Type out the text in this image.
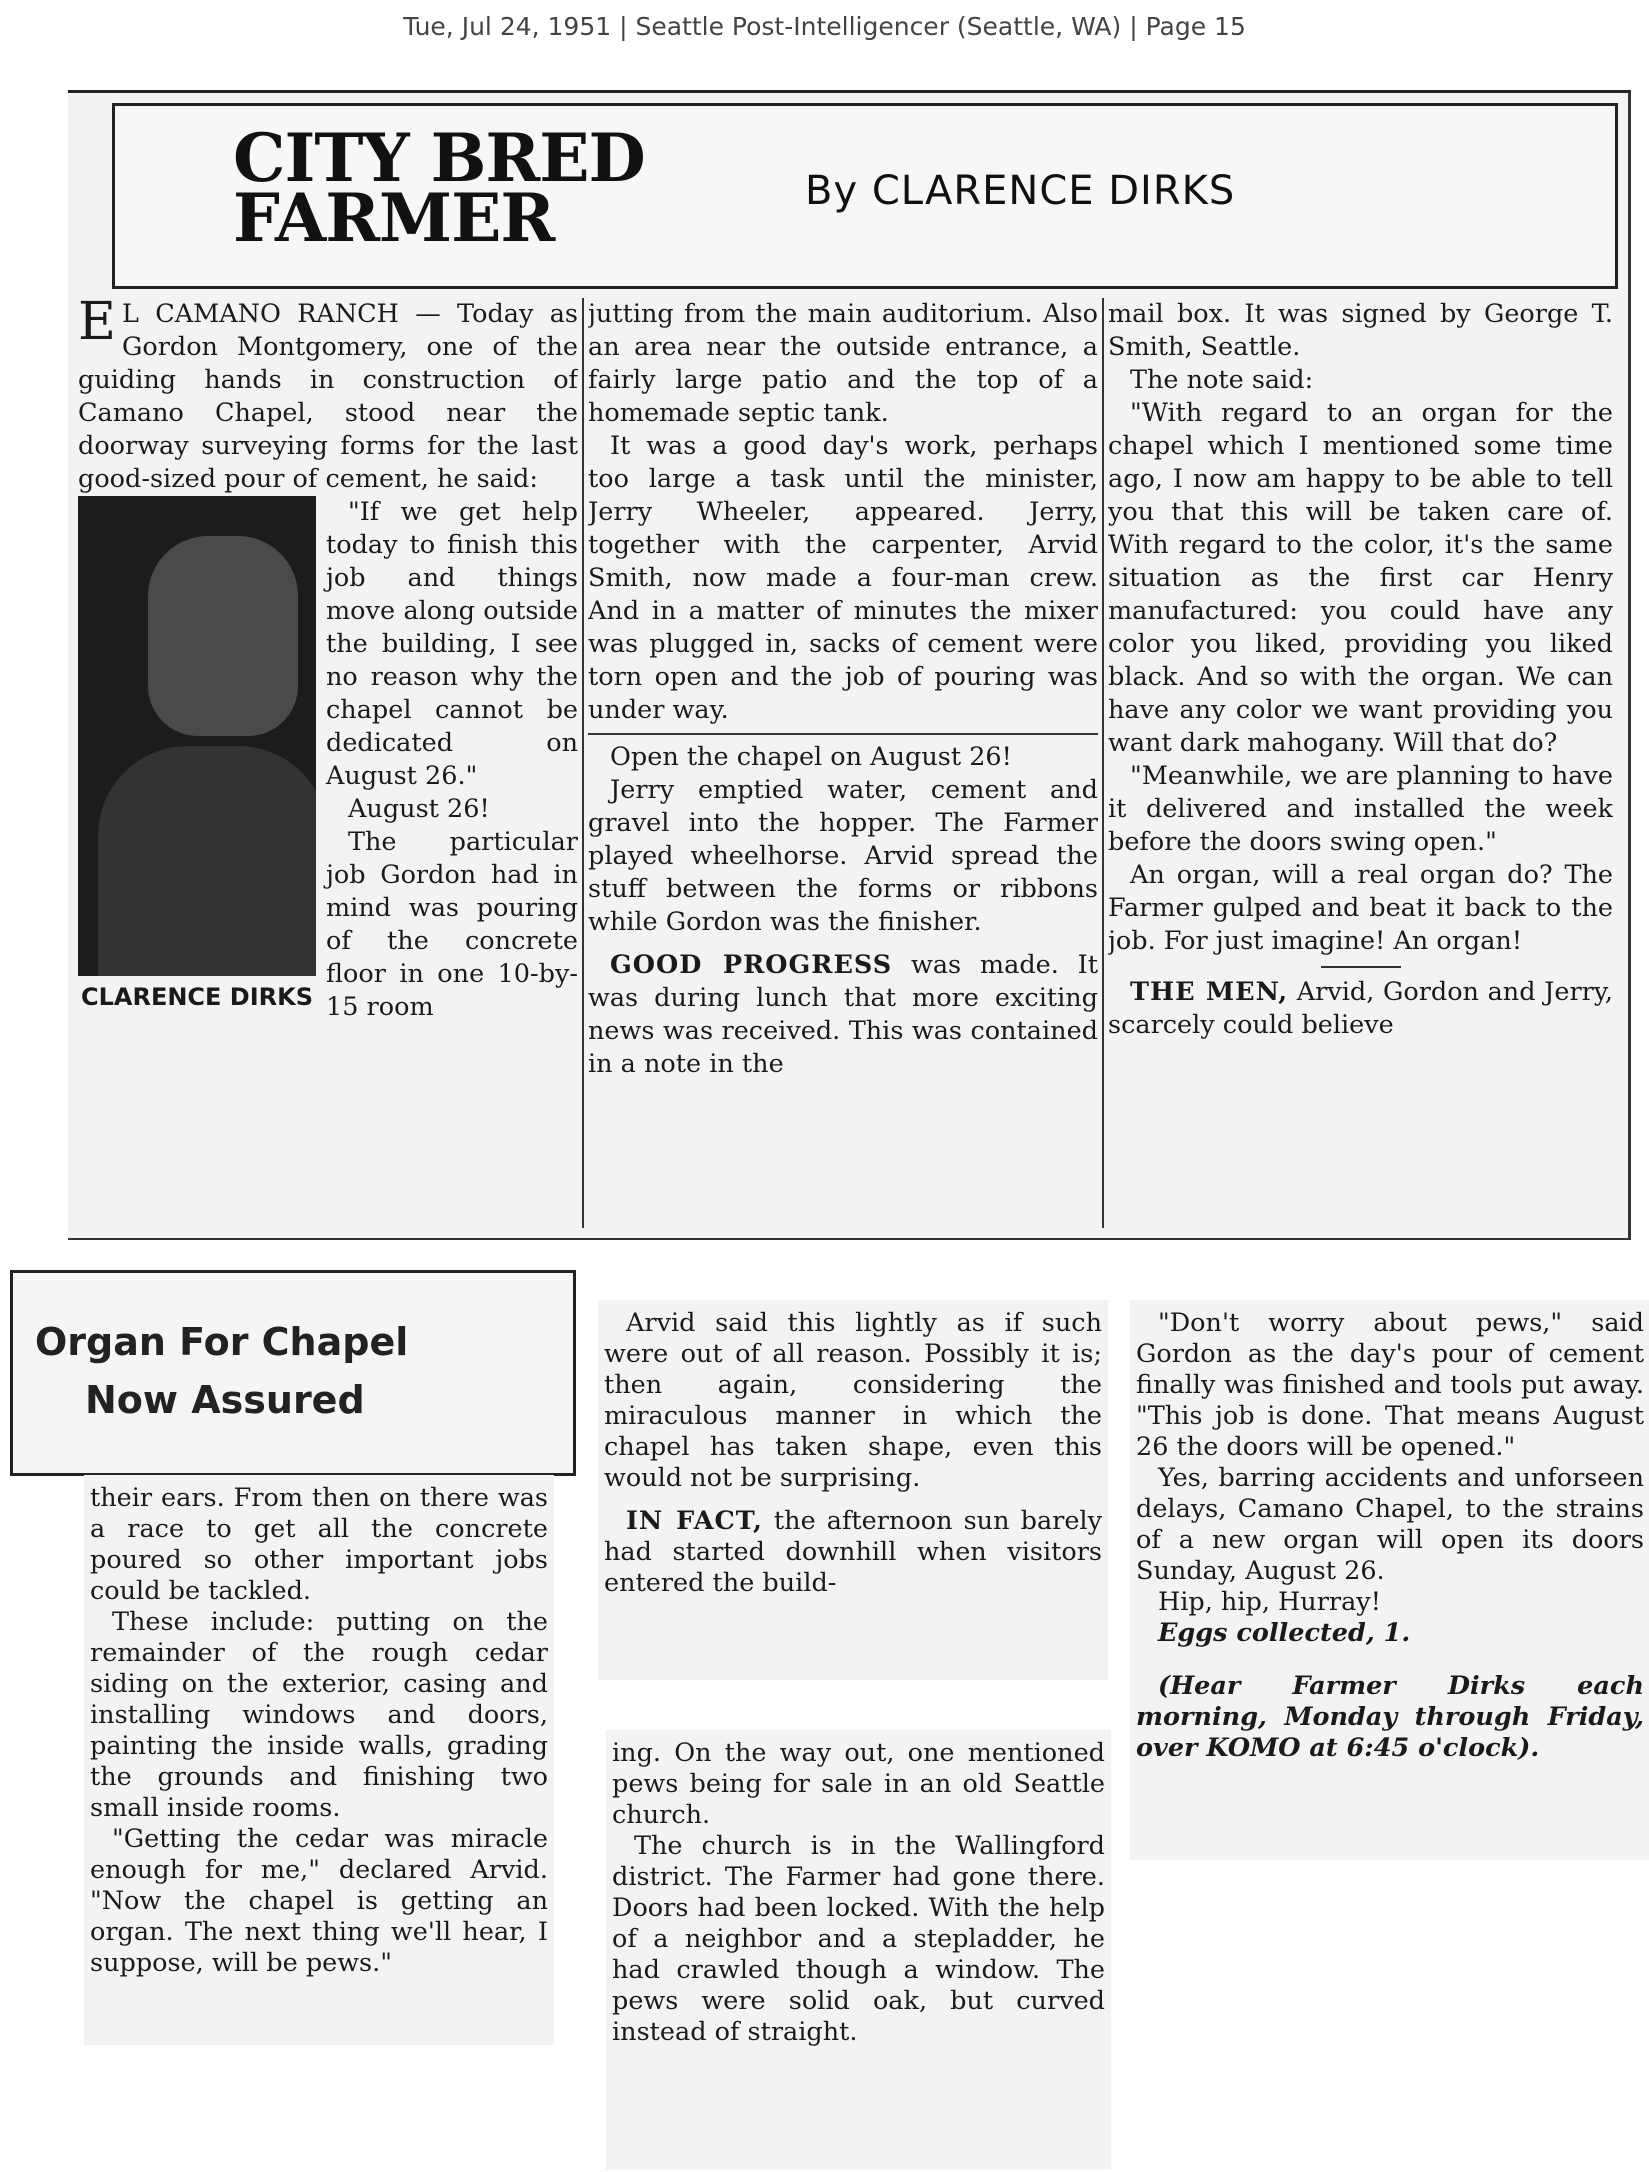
Tue, Jul 24, 1951 | Seattle Post-Intelligencer (Seattle, WA) | Page 15
CITY BRED
FARMER	By CLARENCE DIRKS
E L CAMANO RANCH — Today as Gordon Montgomery, one of the guiding hands in construction of Camano Chapel, stood near the doorway surveying forms for the last good-sized pour of cement, he said:

CLARENCE DIRKS

"If we get help today to finish this job and things move along outside the building, I see no reason why the chapel cannot be dedicated on August 26."

August 26!

The particular job Gordon had in mind was pouring of the concrete floor in one 10-by-15 room

jutting from the main auditorium. Also an area near the outside entrance, a fairly large patio and the top of a homemade septic tank.

It was a good day's work, perhaps too large a task until the minister, Jerry Wheeler, appeared. Jerry, together with the carpenter, Arvid Smith, now made a four-man crew. And in a matter of minutes the mixer was plugged in, sacks of cement were torn open and the job of pouring was under way.

Open the chapel on August 26!

Jerry emptied water, cement and gravel into the hopper. The Farmer played wheelhorse. Arvid spread the stuff between the forms or ribbons while Gordon was the finisher.

GOOD PROGRESS was made. It was during lunch that more exciting news was received. This was contained in a note in the

mail box. It was signed by George T. Smith, Seattle.

The note said:

"With regard to an organ for the chapel which I mentioned some time ago, I now am happy to be able to tell you that this will be taken care of. With regard to the color, it's the same situation as the first car Henry manufactured: you could have any color you liked, providing you liked black. And so with the organ. We can have any color we want providing you want dark mahogany. Will that do?

"Meanwhile, we are planning to have it delivered and installed the week before the doors swing open."

An organ, will a real organ do? The Farmer gulped and beat it back to the job. For just imagine! An organ!

THE MEN, Arvid, Gordon and Jerry, scarcely could believe

Organ For Chapel
Now Assured

their ears. From then on there was a race to get all the concrete poured so other important jobs could be tackled.

These include: putting on the remainder of the rough cedar siding on the exterior, casing and installing windows and doors, painting the inside walls, grading the grounds and finishing two small inside rooms.

"Getting the cedar was miracle enough for me," declared Arvid. "Now the chapel is getting an organ. The next thing we'll hear, I suppose, will be pews."

Arvid said this lightly as if such were out of all reason. Possibly it is; then again, considering the miraculous manner in which the chapel has taken shape, even this would not be surprising.

IN FACT, the afternoon sun barely had started downhill when visitors entered the build-

ing. On the way out, one mentioned pews being for sale in an old Seattle church.

The church is in the Wallingford district. The Farmer had gone there. Doors had been locked. With the help of a neighbor and a stepladder, he had crawled though a window. The pews were solid oak, but curved instead of straight.

"Don't worry about pews," said Gordon as the day's pour of cement finally was finished and tools put away. "This job is done. That means August 26 the doors will be opened."

Yes, barring accidents and unforseen delays, Camano Chapel, to the strains of a new organ will open its doors Sunday, August 26.

Hip, hip, Hurray!

Eggs collected, 1.

(Hear Farmer Dirks each morning, Monday through Friday, over KOMO at 6:45 o'clock).
